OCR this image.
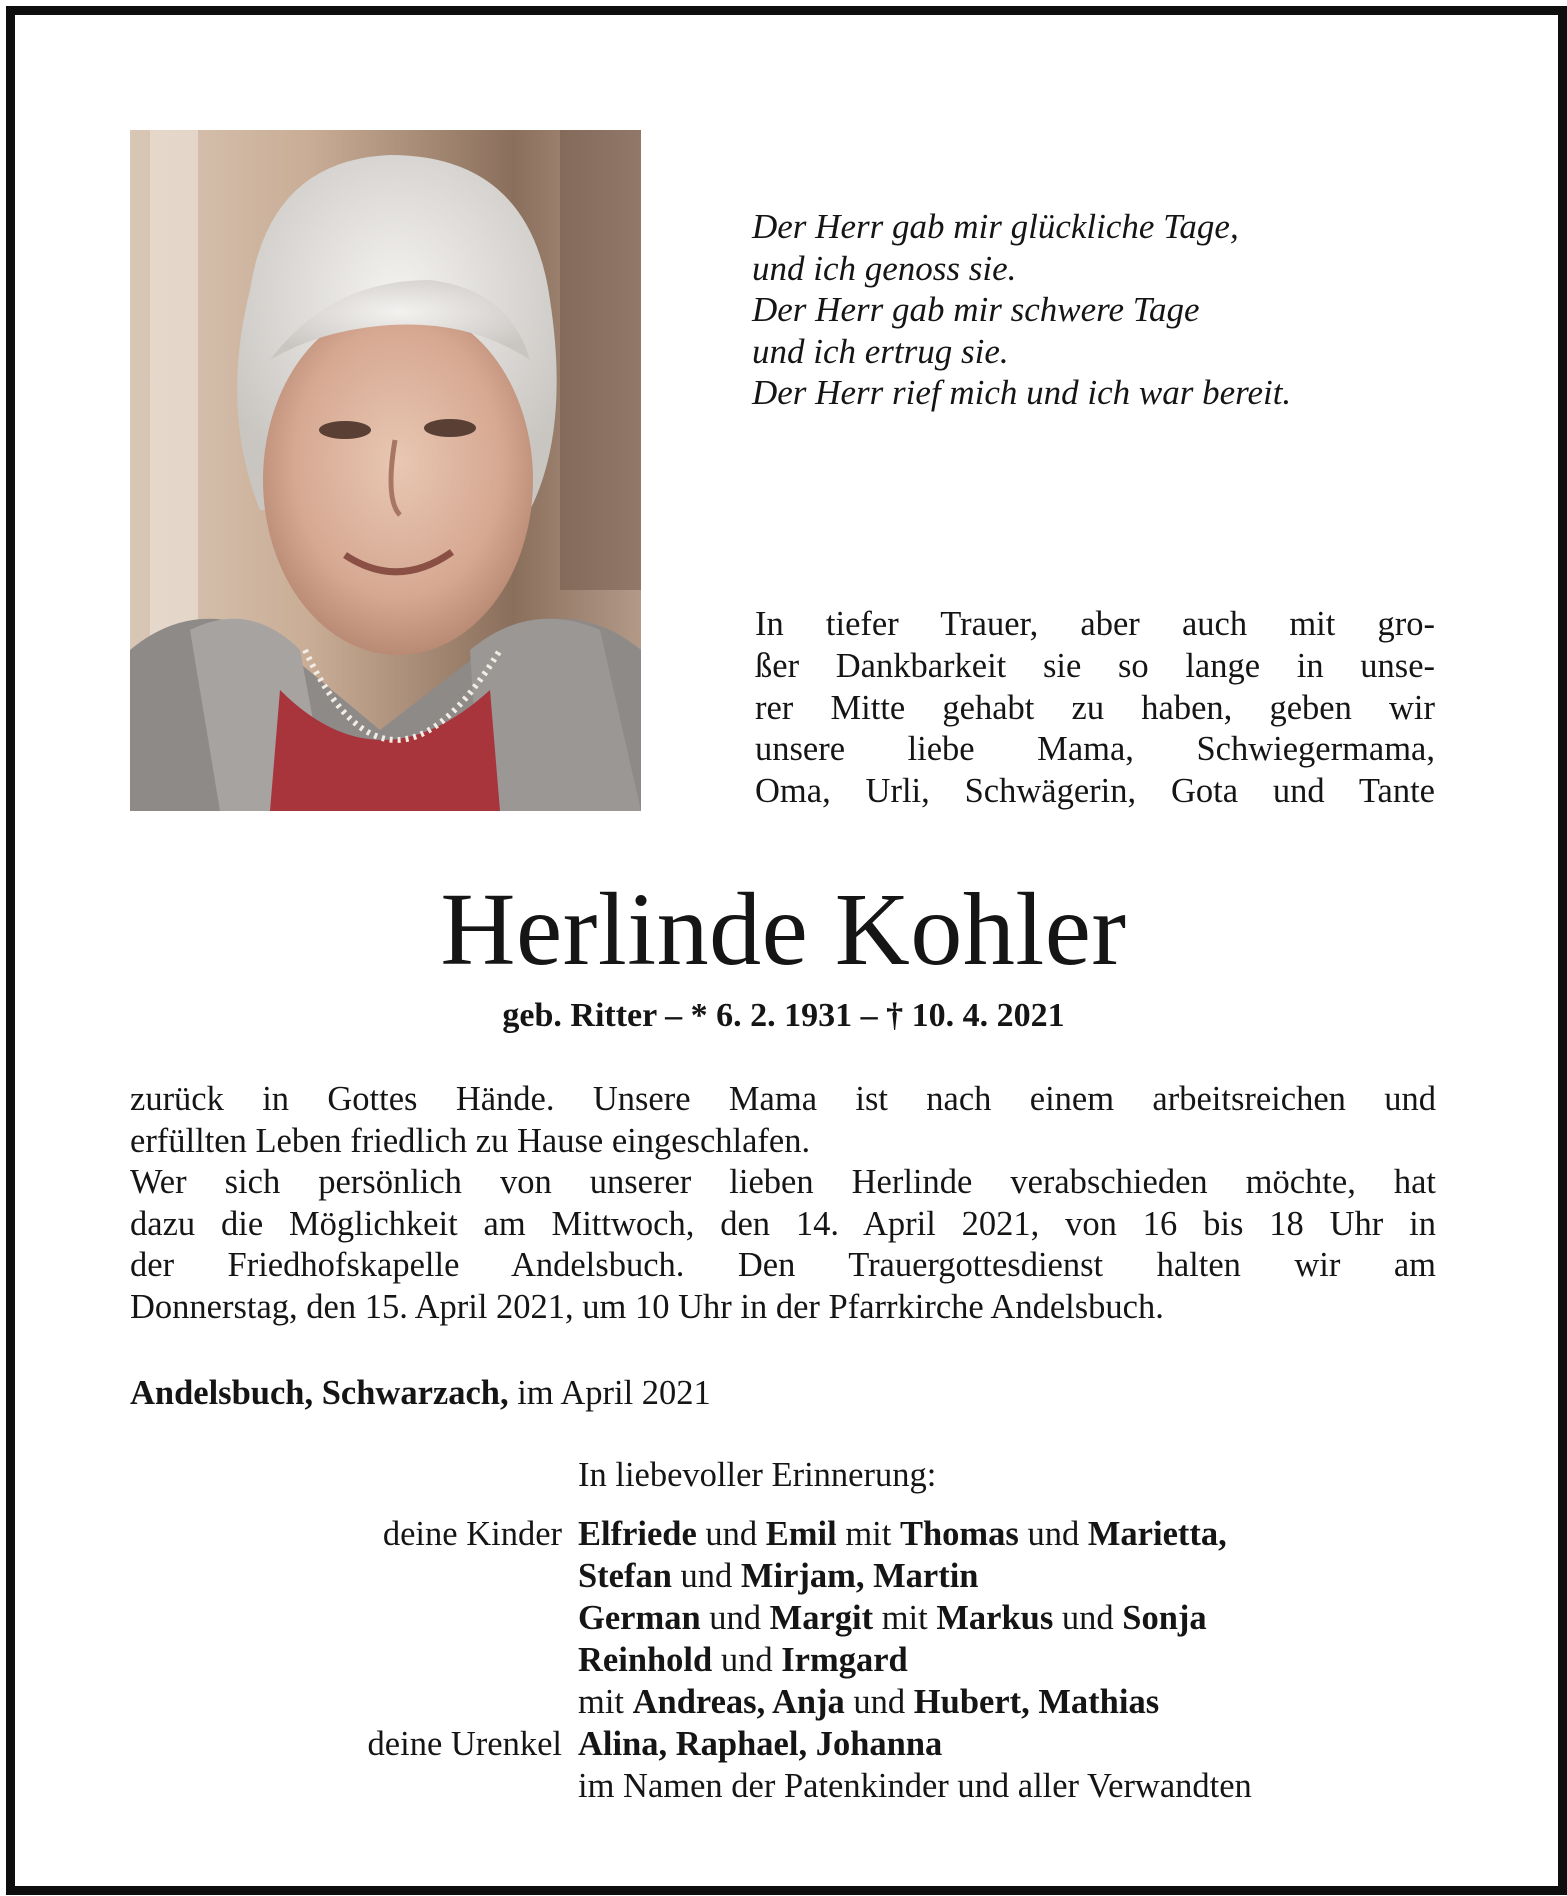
Der Herr gab mir glückliche Tage,
und ich genoss sie.
Der Herr gab mir schwere Tage
und ich ertrug sie.
Der Herr rief mich und ich war bereit.
In tiefer Trauer, aber auch mit gro-
ßer Dankbarkeit sie so lange in unse-
rer Mitte gehabt zu haben, geben wir
unsere liebe Mama, Schwiegermama,
Oma, Urli, Schwägerin, Gota und Tante
Herlinde Kohler
geb. Ritter – * 6. 2. 1931 – † 10. 4. 2021
zurück in Gottes Hände. Unsere Mama ist nach einem arbeitsreichen und
erfüllten Leben friedlich zu Hause eingeschlafen.
Wer sich persönlich von unserer lieben Herlinde verabschieden möchte, hat
dazu die Möglichkeit am Mittwoch, den 14. April 2021, von 16 bis 18 Uhr in
der Friedhofskapelle Andelsbuch. Den Trauergottesdienst halten wir am
Donnerstag, den 15. April 2021, um 10 Uhr in der Pfarrkirche Andelsbuch.
Andelsbuch, Schwarzach, im April 2021
In liebevoller Erinnerung:
deine Kinder Elfriede und Emil mit Thomas und Marietta,
Stefan und Mirjam, Martin
German und Margit mit Markus und Sonja
Reinhold und Irmgard
mit Andreas, Anja und Hubert, Mathias
deine Urenkel Alina, Raphael, Johanna
im Namen der Patenkinder und aller Verwandten
